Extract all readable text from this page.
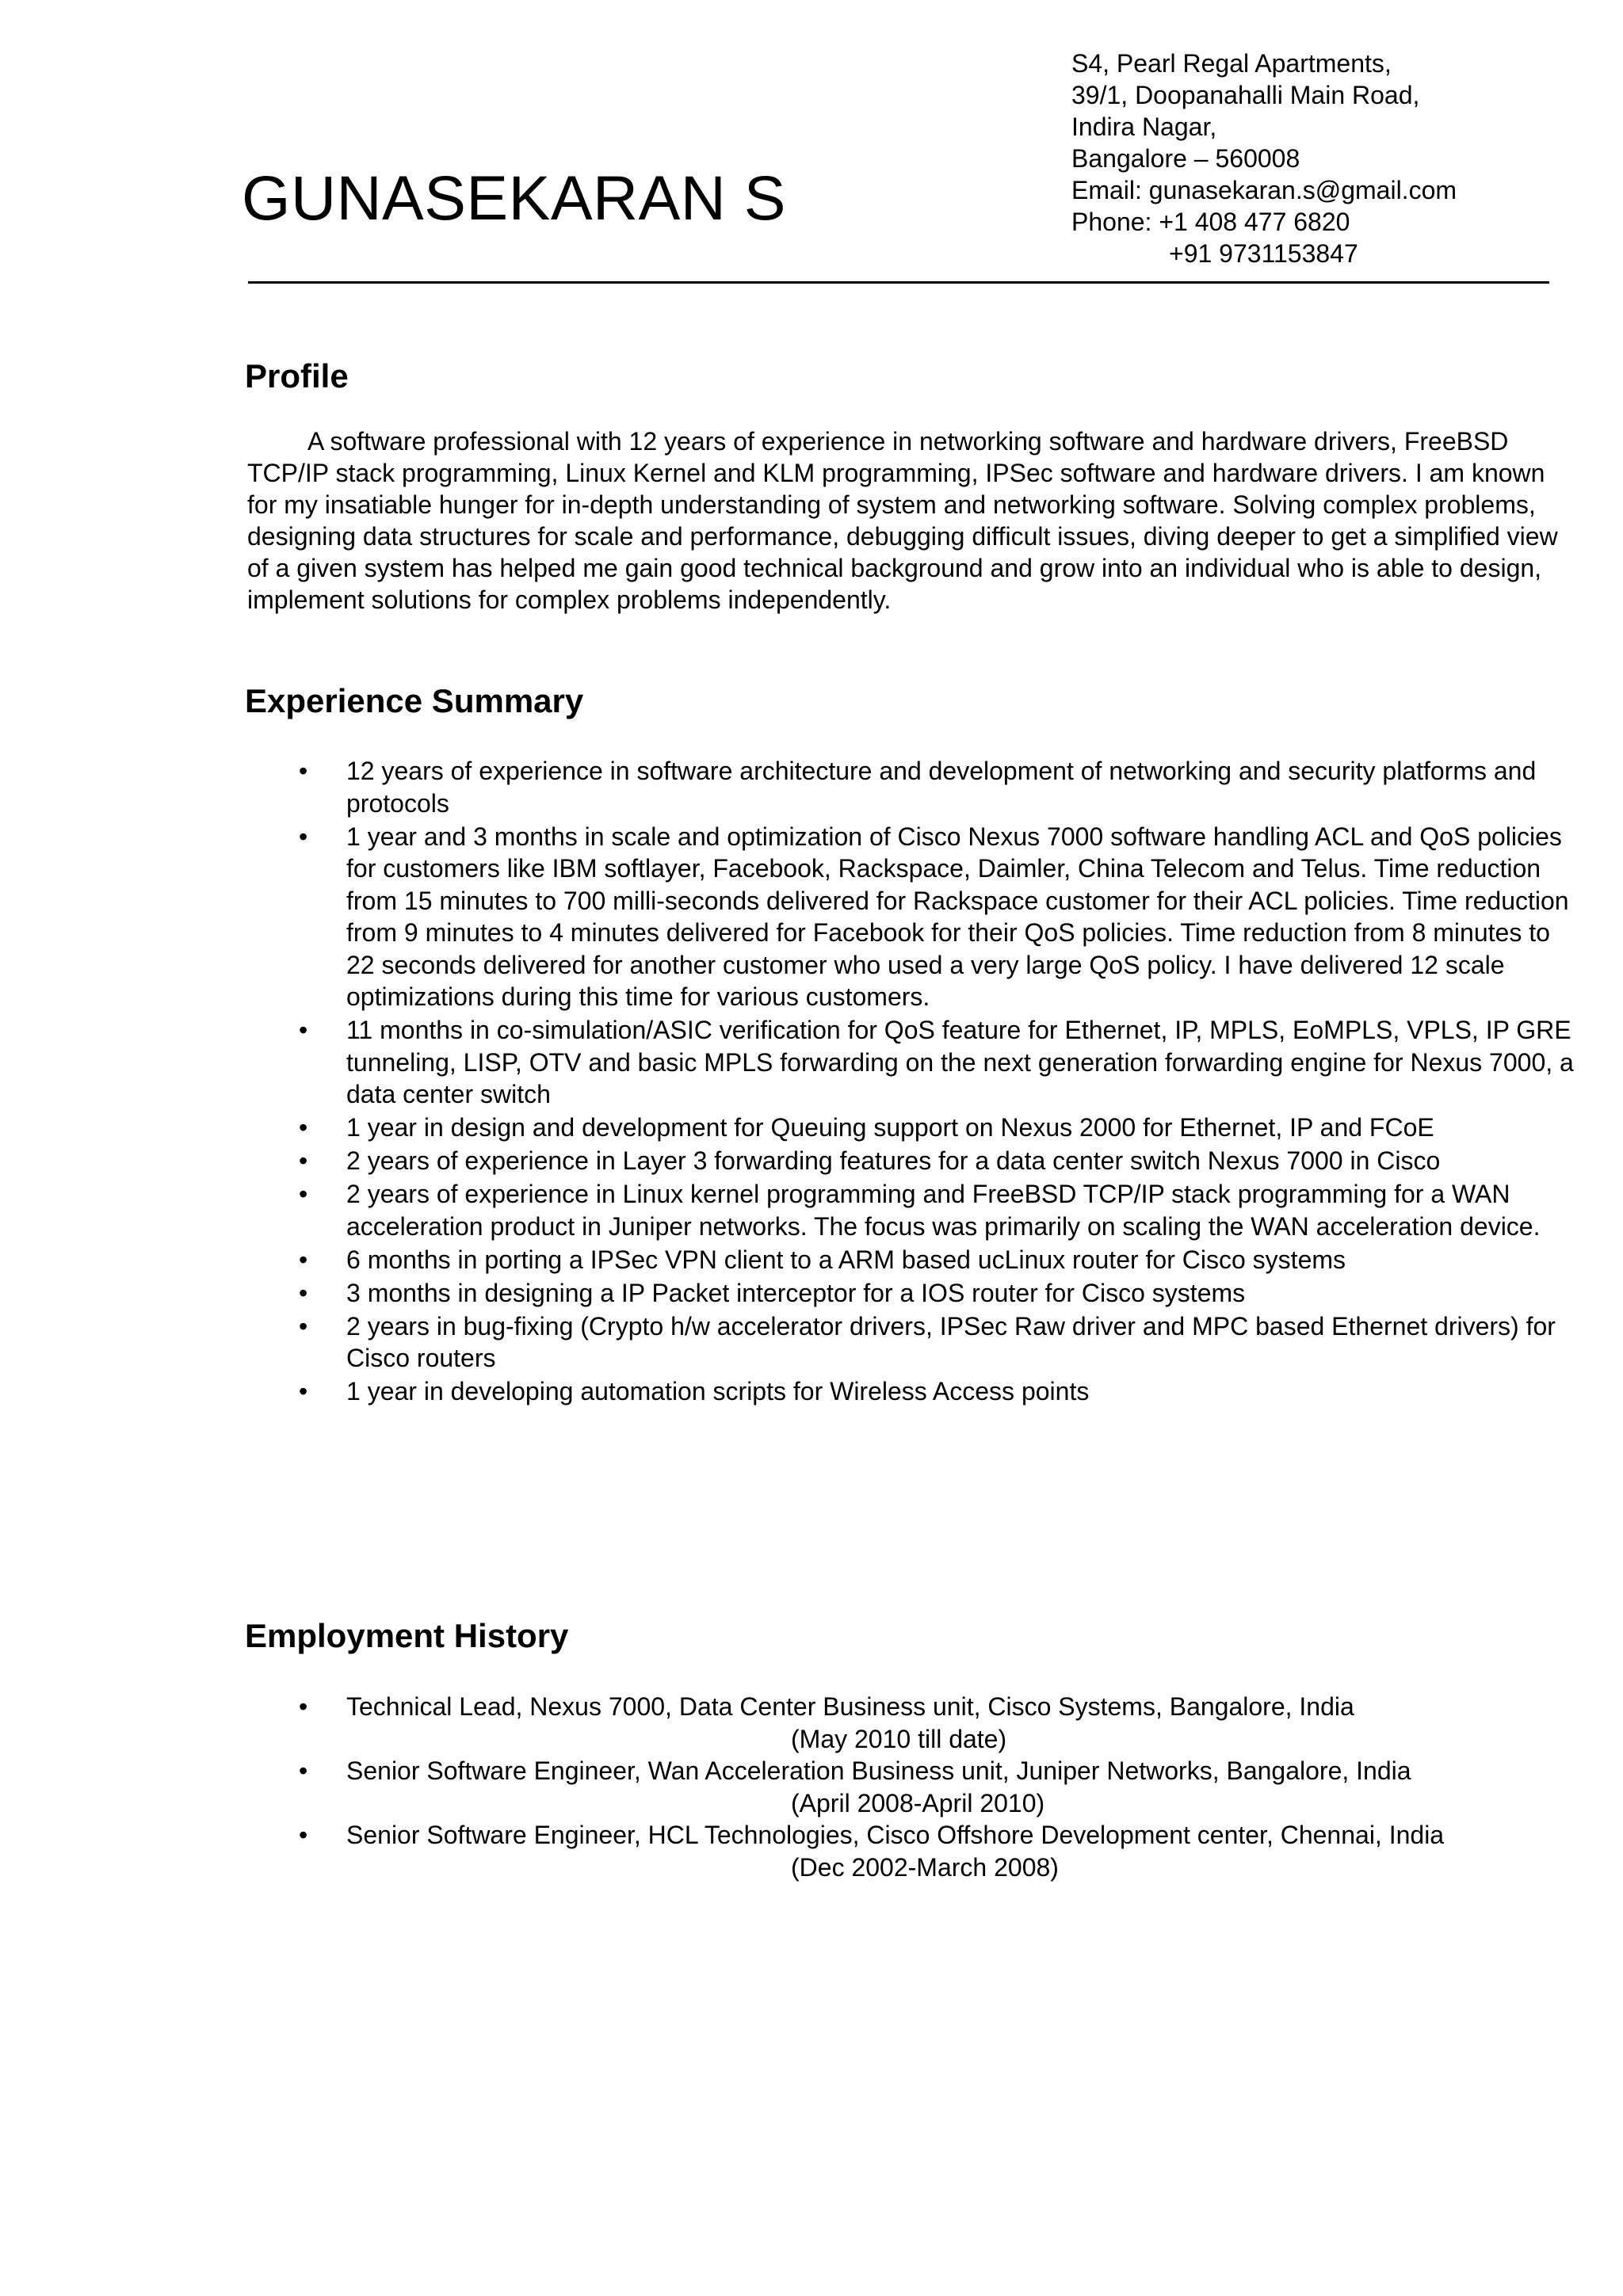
GUNASEKARAN S
S4, Pearl Regal Apartments,
39/1, Doopanahalli Main Road,
Indira Nagar,
Bangalore – 560008
Email: gunasekaran.s@gmail.com
Phone: +1 408 477 6820
+91 9731153847
Profile

A software professional with 12 years of experience in networking software and hardware drivers, FreeBSD TCP/IP stack programming, Linux Kernel and KLM programming, IPSec software and hardware drivers. I am known for my insatiable hunger for in-depth understanding of system and networking software. Solving complex problems, designing data structures for scale and performance, debugging difficult issues, diving deeper to get a simplified view of a given system has helped me gain good technical background and grow into an individual who is able to design, implement solutions for complex problems independently.

Experience Summary
• 12 years of experience in software architecture and development of networking and security platforms and protocols
• 1 year and 3 months in scale and optimization of Cisco Nexus 7000 software handling ACL and QoS policies for customers like IBM softlayer, Facebook, Rackspace, Daimler, China Telecom and Telus. Time reduction from 15 minutes to 700 milli-seconds delivered for Rackspace customer for their ACL policies. Time reduction from 9 minutes to 4 minutes delivered for Facebook for their QoS policies. Time reduction from 8 minutes to 22 seconds delivered for another customer who used a very large QoS policy. I have delivered 12 scale optimizations during this time for various customers.
• 11 months in co-simulation/ASIC verification for QoS feature for Ethernet, IP, MPLS, EoMPLS, VPLS, IP GRE tunneling, LISP, OTV and basic MPLS forwarding on the next generation forwarding engine for Nexus 7000, a data center switch
• 1 year in design and development for Queuing support on Nexus 2000 for Ethernet, IP and FCoE
• 2 years of experience in Layer 3 forwarding features for a data center switch Nexus 7000 in Cisco
• 2 years of experience in Linux kernel programming and FreeBSD TCP/IP stack programming for a WAN acceleration product in Juniper networks. The focus was primarily on scaling the WAN acceleration device.
• 6 months in porting a IPSec VPN client to a ARM based ucLinux router for Cisco systems
• 3 months in designing a IP Packet interceptor for a IOS router for Cisco systems
• 2 years in bug-fixing (Crypto h/w accelerator drivers, IPSec Raw driver and MPC based Ethernet drivers) for Cisco routers
• 1 year in developing automation scripts for Wireless Access points
Employment History
• Technical Lead, Nexus 7000, Data Center Business unit, Cisco Systems, Bangalore, India
(May 2010 till date)
• Senior Software Engineer, Wan Acceleration Business unit, Juniper Networks, Bangalore, India
(April 2008-April 2010)
• Senior Software Engineer, HCL Technologies, Cisco Offshore Development center, Chennai, India
(Dec 2002-March 2008)
